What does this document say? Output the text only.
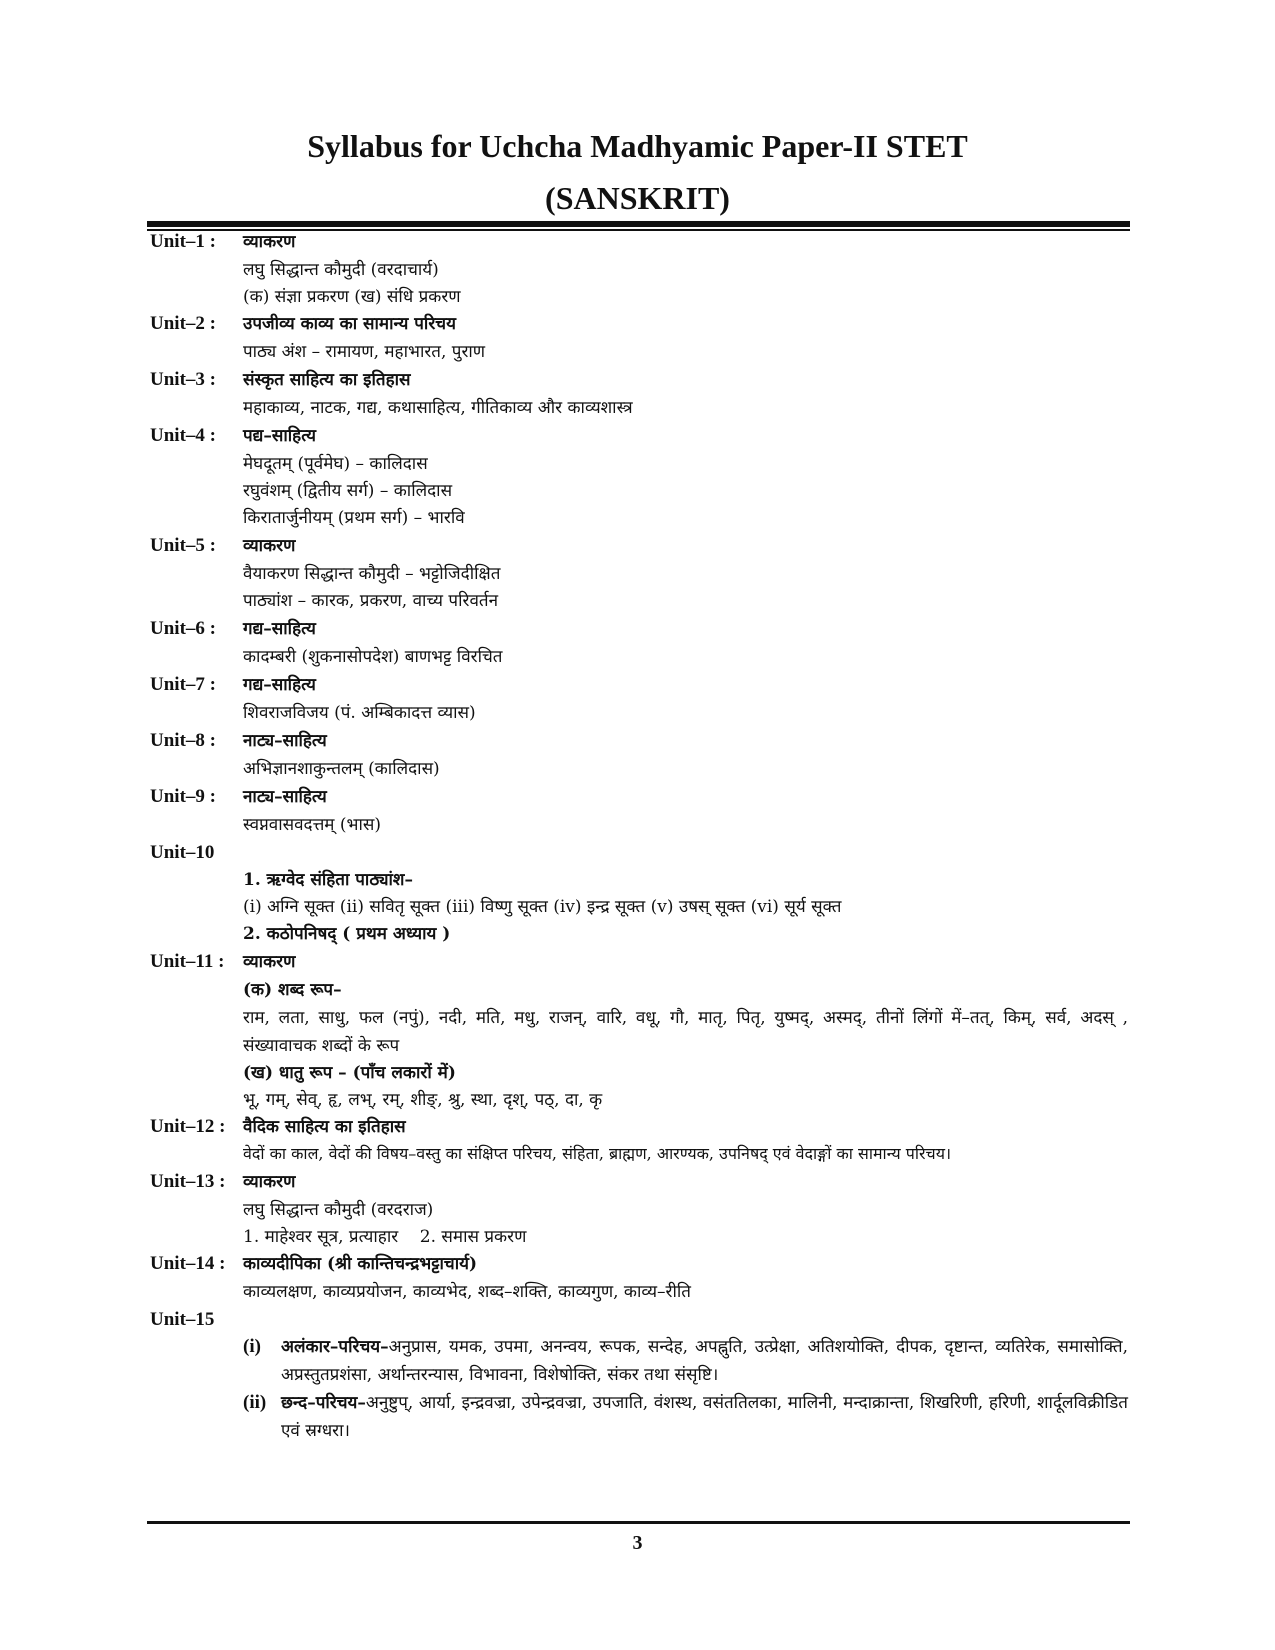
Syllabus for Uchcha Madhyamic Paper-II STET
(SANSKRIT)
Unit–1 :	व्याकरण
लघु सिद्धान्त कौमुदी (वरदाचार्य)
(क) संज्ञा प्रकरण (ख) संधि प्रकरण
Unit–2 :	उपजीव्य काव्य का सामान्य परिचय
पाठ्य अंश – रामायण, महाभारत, पुराण
Unit–3 :	संस्कृत साहित्य का इतिहास
महाकाव्य, नाटक, गद्य, कथासाहित्य, गीतिकाव्य और काव्यशास्त्र
Unit–4 :	पद्य–साहित्य
मेघदूतम् (पूर्वमेघ) – कालिदास
रघुवंशम् (द्वितीय सर्ग) – कालिदास
किरातार्जुनीयम् (प्रथम सर्ग) – भारवि
Unit–5 :	व्याकरण
वैयाकरण सिद्धान्त कौमुदी – भट्टोजिदीक्षित
पाठ्यांश – कारक, प्रकरण, वाच्य परिवर्तन
Unit–6 :	गद्य–साहित्य
कादम्बरी (शुकनासोपदेश) बाणभट्ट विरचित
Unit–7 :	गद्य–साहित्य
शिवराजविजय (पं. अम्बिकादत्त व्यास)
Unit–8 :	नाट्य–साहित्य
अभिज्ञानशाकुन्तलम् (कालिदास)
Unit–9 :	नाट्य–साहित्य
स्वप्नवासवदत्तम् (भास)
Unit–10
1. ऋग्वेद संहिता पाठ्यांश–
(i) अग्नि सूक्त (ii) सवितृ सूक्त (iii) विष्णु सूक्त (iv) इन्द्र सूक्त (v) उषस् सूक्त (vi) सूर्य सूक्त
2. कठोपनिषद् ( प्रथम अध्याय )
Unit–11 :	व्याकरण
(क) शब्द रूप–
राम, लता, साधु, फल (नपुं), नदी, मति, मधु, राजन्, वारि, वधू, गौ, मातृ, पितृ, युष्मद्, अस्मद्, तीनों लिंगों में–तत्, किम्, सर्व, अदस् , संख्यावाचक शब्दों के रूप
(ख) धातु रूप – (पाँच लकारों में)
भू, गम्, सेव्, हृ, लभ्, रम्, शीङ्, श्रु, स्था, दृश्, पठ्, दा, कृ
Unit–12 :	वैदिक साहित्य का इतिहास
वेदों का काल, वेदों की विषय–वस्तु का संक्षिप्त परिचय, संहिता, ब्राह्मण, आरण्यक, उपनिषद् एवं वेदाङ्गों का सामान्य परिचय।
Unit–13 :	व्याकरण
लघु सिद्धान्त कौमुदी (वरदराज)
1. माहेश्वर सूत्र, प्रत्याहार    2. समास प्रकरण
Unit–14 :	काव्यदीपिका (श्री कान्तिचन्द्रभट्टाचार्य)
काव्यलक्षण, काव्यप्रयोजन, काव्यभेद, शब्द–शक्ति, काव्यगुण, काव्य–रीति
Unit–15
(i)	अलंकार–परिचय–अनुप्रास, यमक, उपमा, अनन्वय, रूपक, सन्देह, अपह्नुति, उत्प्रेक्षा, अतिशयोक्ति, दीपक, दृष्टान्त, व्यतिरेक, समासोक्ति, अप्रस्तुतप्रशंसा, अर्थान्तरन्यास, विभावना, विशेषोक्ति, संकर तथा संसृष्टि।
(ii) छन्द–परिचय–अनुष्टुप्, आर्या, इन्द्रवज्रा, उपेन्द्रवज्रा, उपजाति, वंशस्थ, वसंततिलका, मालिनी, मन्दाक्रान्ता, शिखरिणी, हरिणी, शार्दूलविक्रीडित एवं स्रग्धरा।
3
